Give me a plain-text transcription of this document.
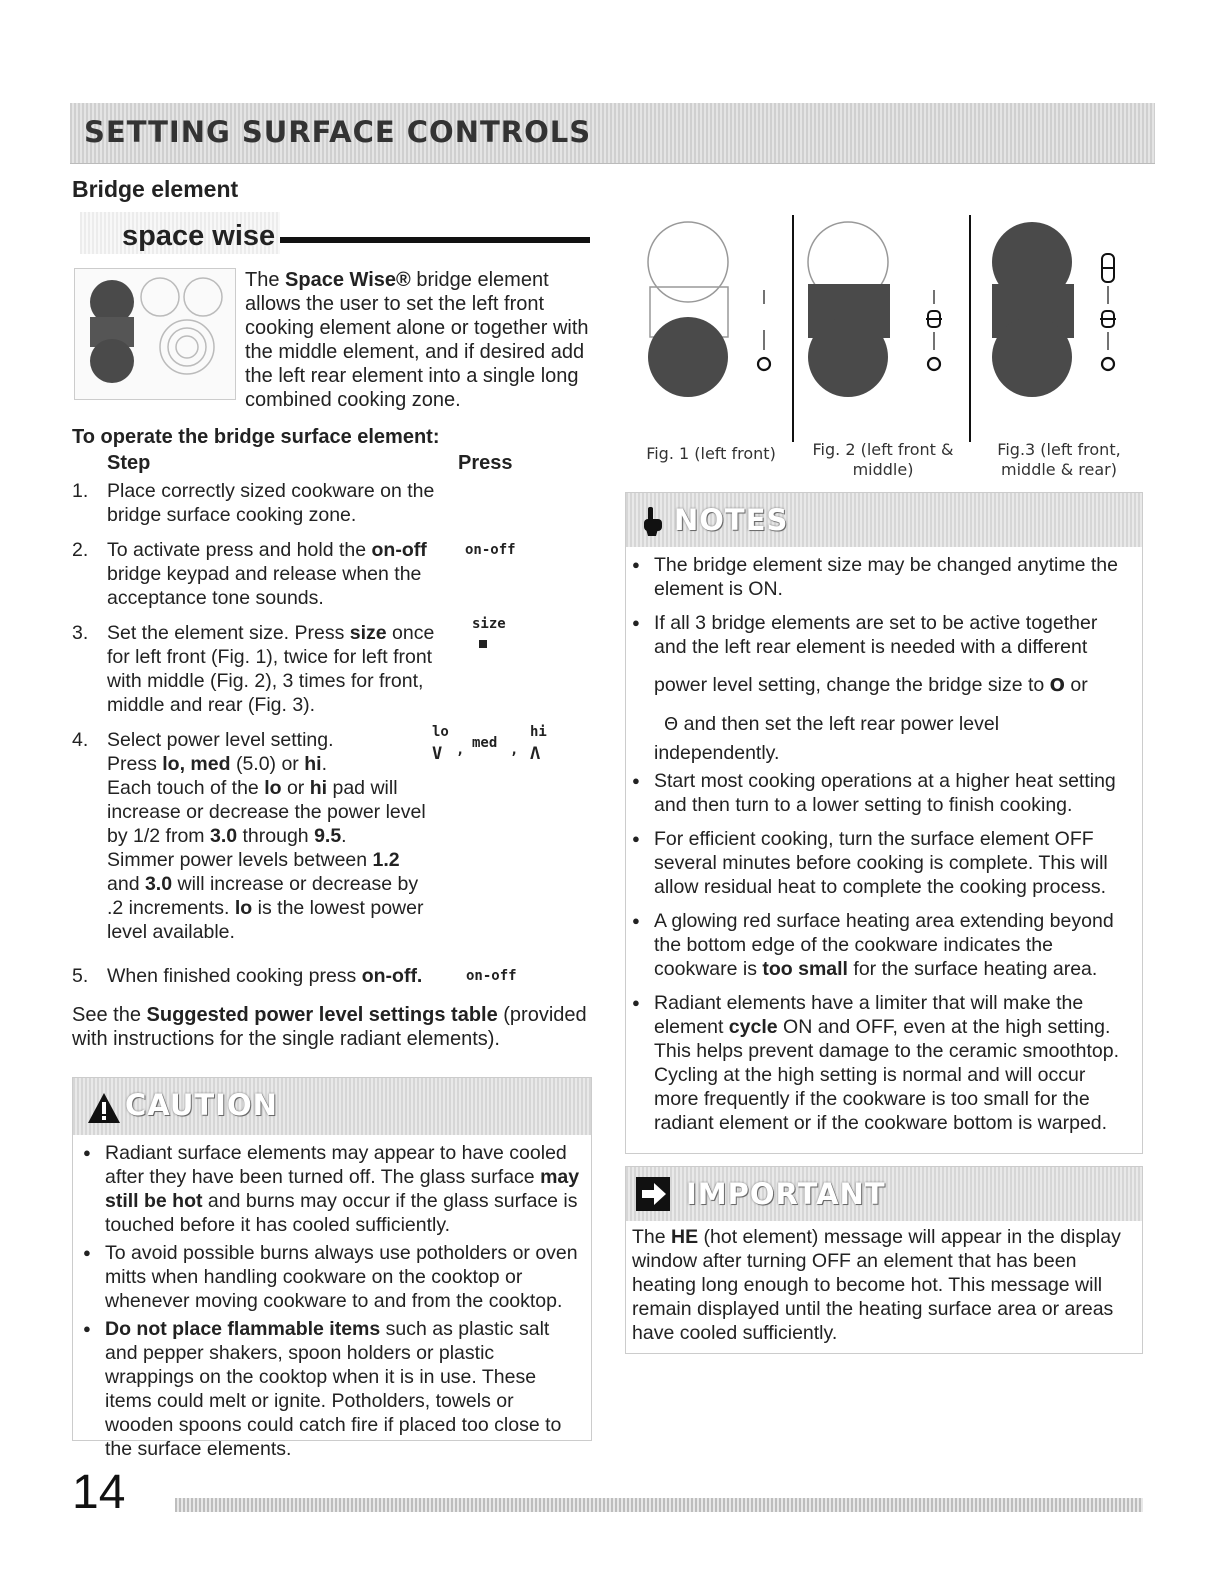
SETTING SURFACE CONTROLS
Bridge element
space wise
The Space Wise® bridge element allows the user to set the left front cooking element alone or together with the middle element, and if desired add the left rear element into a single long combined cooking zone.
To operate the bridge surface element:
Step	Press
1. Place correctly sized cookware on the bridge surface cooking zone.
2. To activate press and hold the on-off bridge keypad and release when the acceptance tone sounds.
on-off
3. Set the element size. Press size once for left front (Fig. 1), twice for left front with middle (Fig. 2), 3 times for front, middle and rear (Fig. 3).
size
4. Select power level setting.
Press lo, med (5.0) or hi.
Each touch of the lo or hi pad will increase or decrease the power level by 1/2 from 3.0 through 9.5.
Simmer power levels between 1.2 and 3.0 will increase or decrease by .2 increments. lo is the lowest power level available.
lo
V , med ,
hi
Λ
5. When finished cooking press on-off.	on-off
See the Suggested power level settings table (provided with instructions for the single radiant elements).
CAUTION
● Radiant surface elements may appear to have cooled after they have been turned off. The glass surface may still be hot and burns may occur if the glass surface is touched before it has cooled sufficiently.
● To avoid possible burns always use potholders or oven mitts when handling cookware on the cooktop or whenever moving cookware to and from the cooktop.
● Do not place flammable items such as plastic salt and pepper shakers, spoon holders or plastic wrappings on the cooktop when it is in use. These items could melt or ignite. Potholders, towels or wooden spoons could catch fire if placed too close to the surface elements.
Fig. 1 (left front)	Fig. 2 (left front & middle)
Fig.3 (left front, middle & rear)
NOTES
● The bridge element size may be changed anytime the element is ON.
● If all 3 bridge elements are set to be active together and the left rear element is needed with a different
power level setting, change the bridge size to O or
Θ and then set the left rear power level
independently.
● Start most cooking operations at a higher heat setting and then turn to a lower setting to finish cooking.
● For efficient cooking, turn the surface element OFF several minutes before cooking is complete. This will allow residual heat to complete the cooking process.
● A glowing red surface heating area extending beyond the bottom edge of the cookware indicates the cookware is too small for the surface heating area.
● Radiant elements have a limiter that will make the element cycle ON and OFF, even at the high setting. This helps prevent damage to the ceramic smoothtop. Cycling at the high setting is normal and will occur more frequently if the cookware is too small for the radiant element or if the cookware bottom is warped.
IMPORTANT
The HE (hot element) message will appear in the display window after turning OFF an element that has been heating long enough to become hot. This message will remain displayed until the heating surface area or areas have cooled sufficiently.
14
